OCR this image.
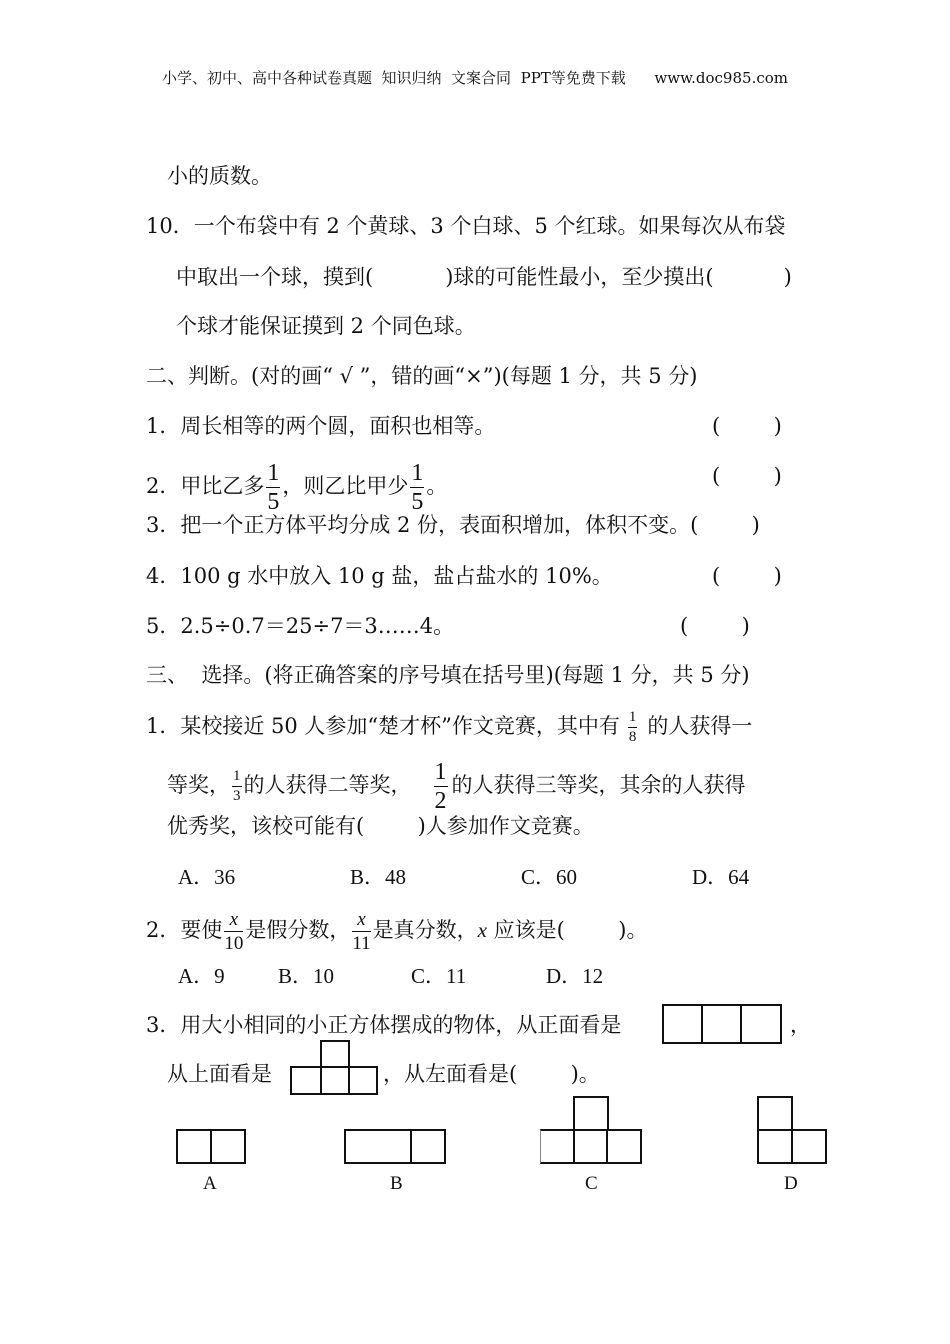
小学、初中、高中各种试卷真题  知识归纳  文案合同  PPT等免费下载      www.doc985.com
小的质数。
10．一个布袋中有 2 个黄球、3 个白球、5 个红球。如果每次从布袋
中取出一个球，摸到(	)球的可能性最小，至少摸出(	)
个球才能保证摸到 2 个同色球。
二、判断。(对的画“ √ ”，错的画“×”)(每题 1 分，共 5 分)
1．周长相等的两个圆，面积也相等。	(        )
2．甲比乙多 $\frac{1}{5}$ ，则乙比甲少 $\frac{1}{5}$ 。	(        )
3．把一个正方体平均分成 2 份，表面积增加，体积不变。(        )
4．100 g 水中放入 10 g 盐，盐占盐水的 10%。	(        )
5．2.5÷0.7＝25÷7＝3……4。	(        )
三、  选择。(将正确答案的序号填在括号里)(每题 1 分，共 5 分)
1．某校接近 50 人参加“楚才杯”作文竞赛，其中有 $\frac{1}{8}$ 的人获得一
等奖， $\frac{1}{3}$ 的人获得二等奖， $\frac{1}{2}$ 的人获得三等奖，其余的人获得
优秀奖，该校可能有(        )人参加作文竞赛。
A．36	B．48	C．60	D．64
2．要使 $\frac{x}{10}$ 是假分数， $\frac{x}{11}$ 是真分数，x 应该是(        )。
A．9	B．10	C．11	D．12
3．用大小相同的小正方体摆成的物体，从正面看是	，
从上面看是	，从左面看是(        )。
A	B	C	D
